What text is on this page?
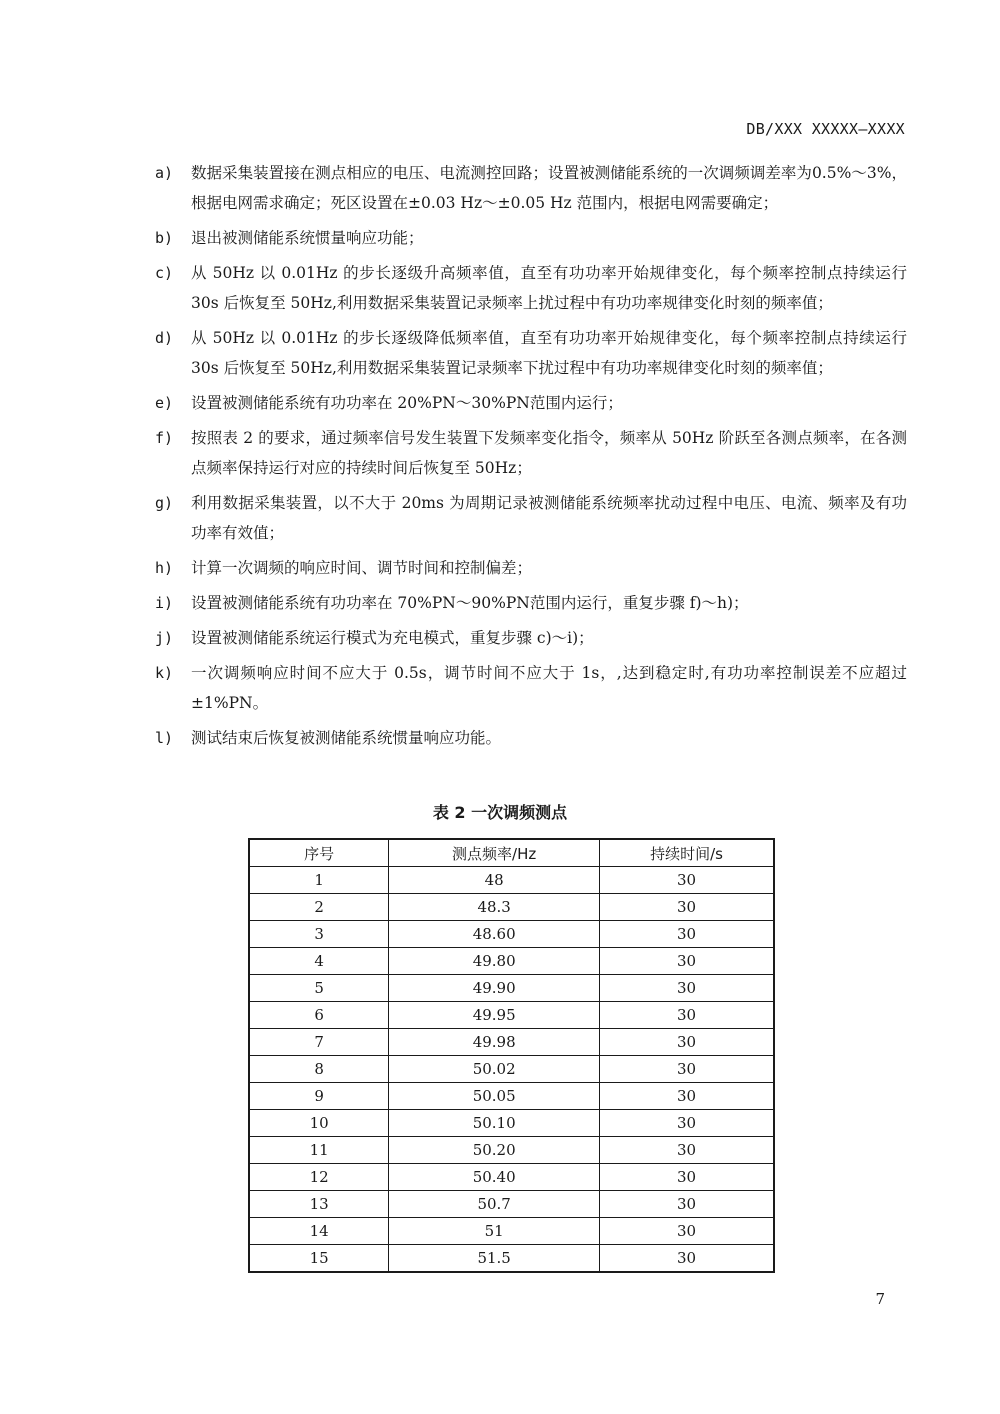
DB/XXX XXXXX—XXXX
a)	数据采集装置接在测点相应的电压、电流测控回路；设置被测储能系统的一次调频调差率为0.5%～3%，根据电网需求确定；死区设置在±0.03 Hz～±0.05 Hz 范围内，根据电网需要确定；
b)	退出被测储能系统惯量响应功能；
c)	从 50Hz 以 0.01Hz 的步长逐级升高频率值，直至有功功率开始规律变化，每个频率控制点持续运行 30s 后恢复至 50Hz,利用数据采集装置记录频率上扰过程中有功功率规律变化时刻的频率值；
d)	从 50Hz 以 0.01Hz 的步长逐级降低频率值，直至有功功率开始规律变化，每个频率控制点持续运行 30s 后恢复至 50Hz,利用数据采集装置记录频率下扰过程中有功功率规律变化时刻的频率值；
e)	设置被测储能系统有功功率在 20%PN～30%PN范围内运行；
f)	按照表 2 的要求，通过频率信号发生装置下发频率变化指令，频率从 50Hz 阶跃至各测点频率，在各测点频率保持运行对应的持续时间后恢复至 50Hz；
g)	利用数据采集装置，以不大于 20ms 为周期记录被测储能系统频率扰动过程中电压、电流、频率及有功功率有效值；
h)	计算一次调频的响应时间、调节时间和控制偏差；
i)	设置被测储能系统有功功率在 70%PN～90%PN范围内运行，重复步骤 f)～h)；
j)	设置被测储能系统运行模式为充电模式，重复步骤 c)～i)；
k)	一次调频响应时间不应大于 0.5s，调节时间不应大于 1s，,达到稳定时,有功功率控制误差不应超过±1%PN。
l)	测试结束后恢复被测储能系统惯量响应功能。
表 2 一次调频测点
序号	测点频率/Hz	持续时间/s
1	48	30
2	48.3	30
3	48.60	30
4	49.80	30
5	49.90	30
6	49.95	30
7	49.98	30
8	50.02	30
9	50.05	30
10	50.10	30
11	50.20	30
12	50.40	30
13	50.7	30
14	51	30
15	51.5	30
7
